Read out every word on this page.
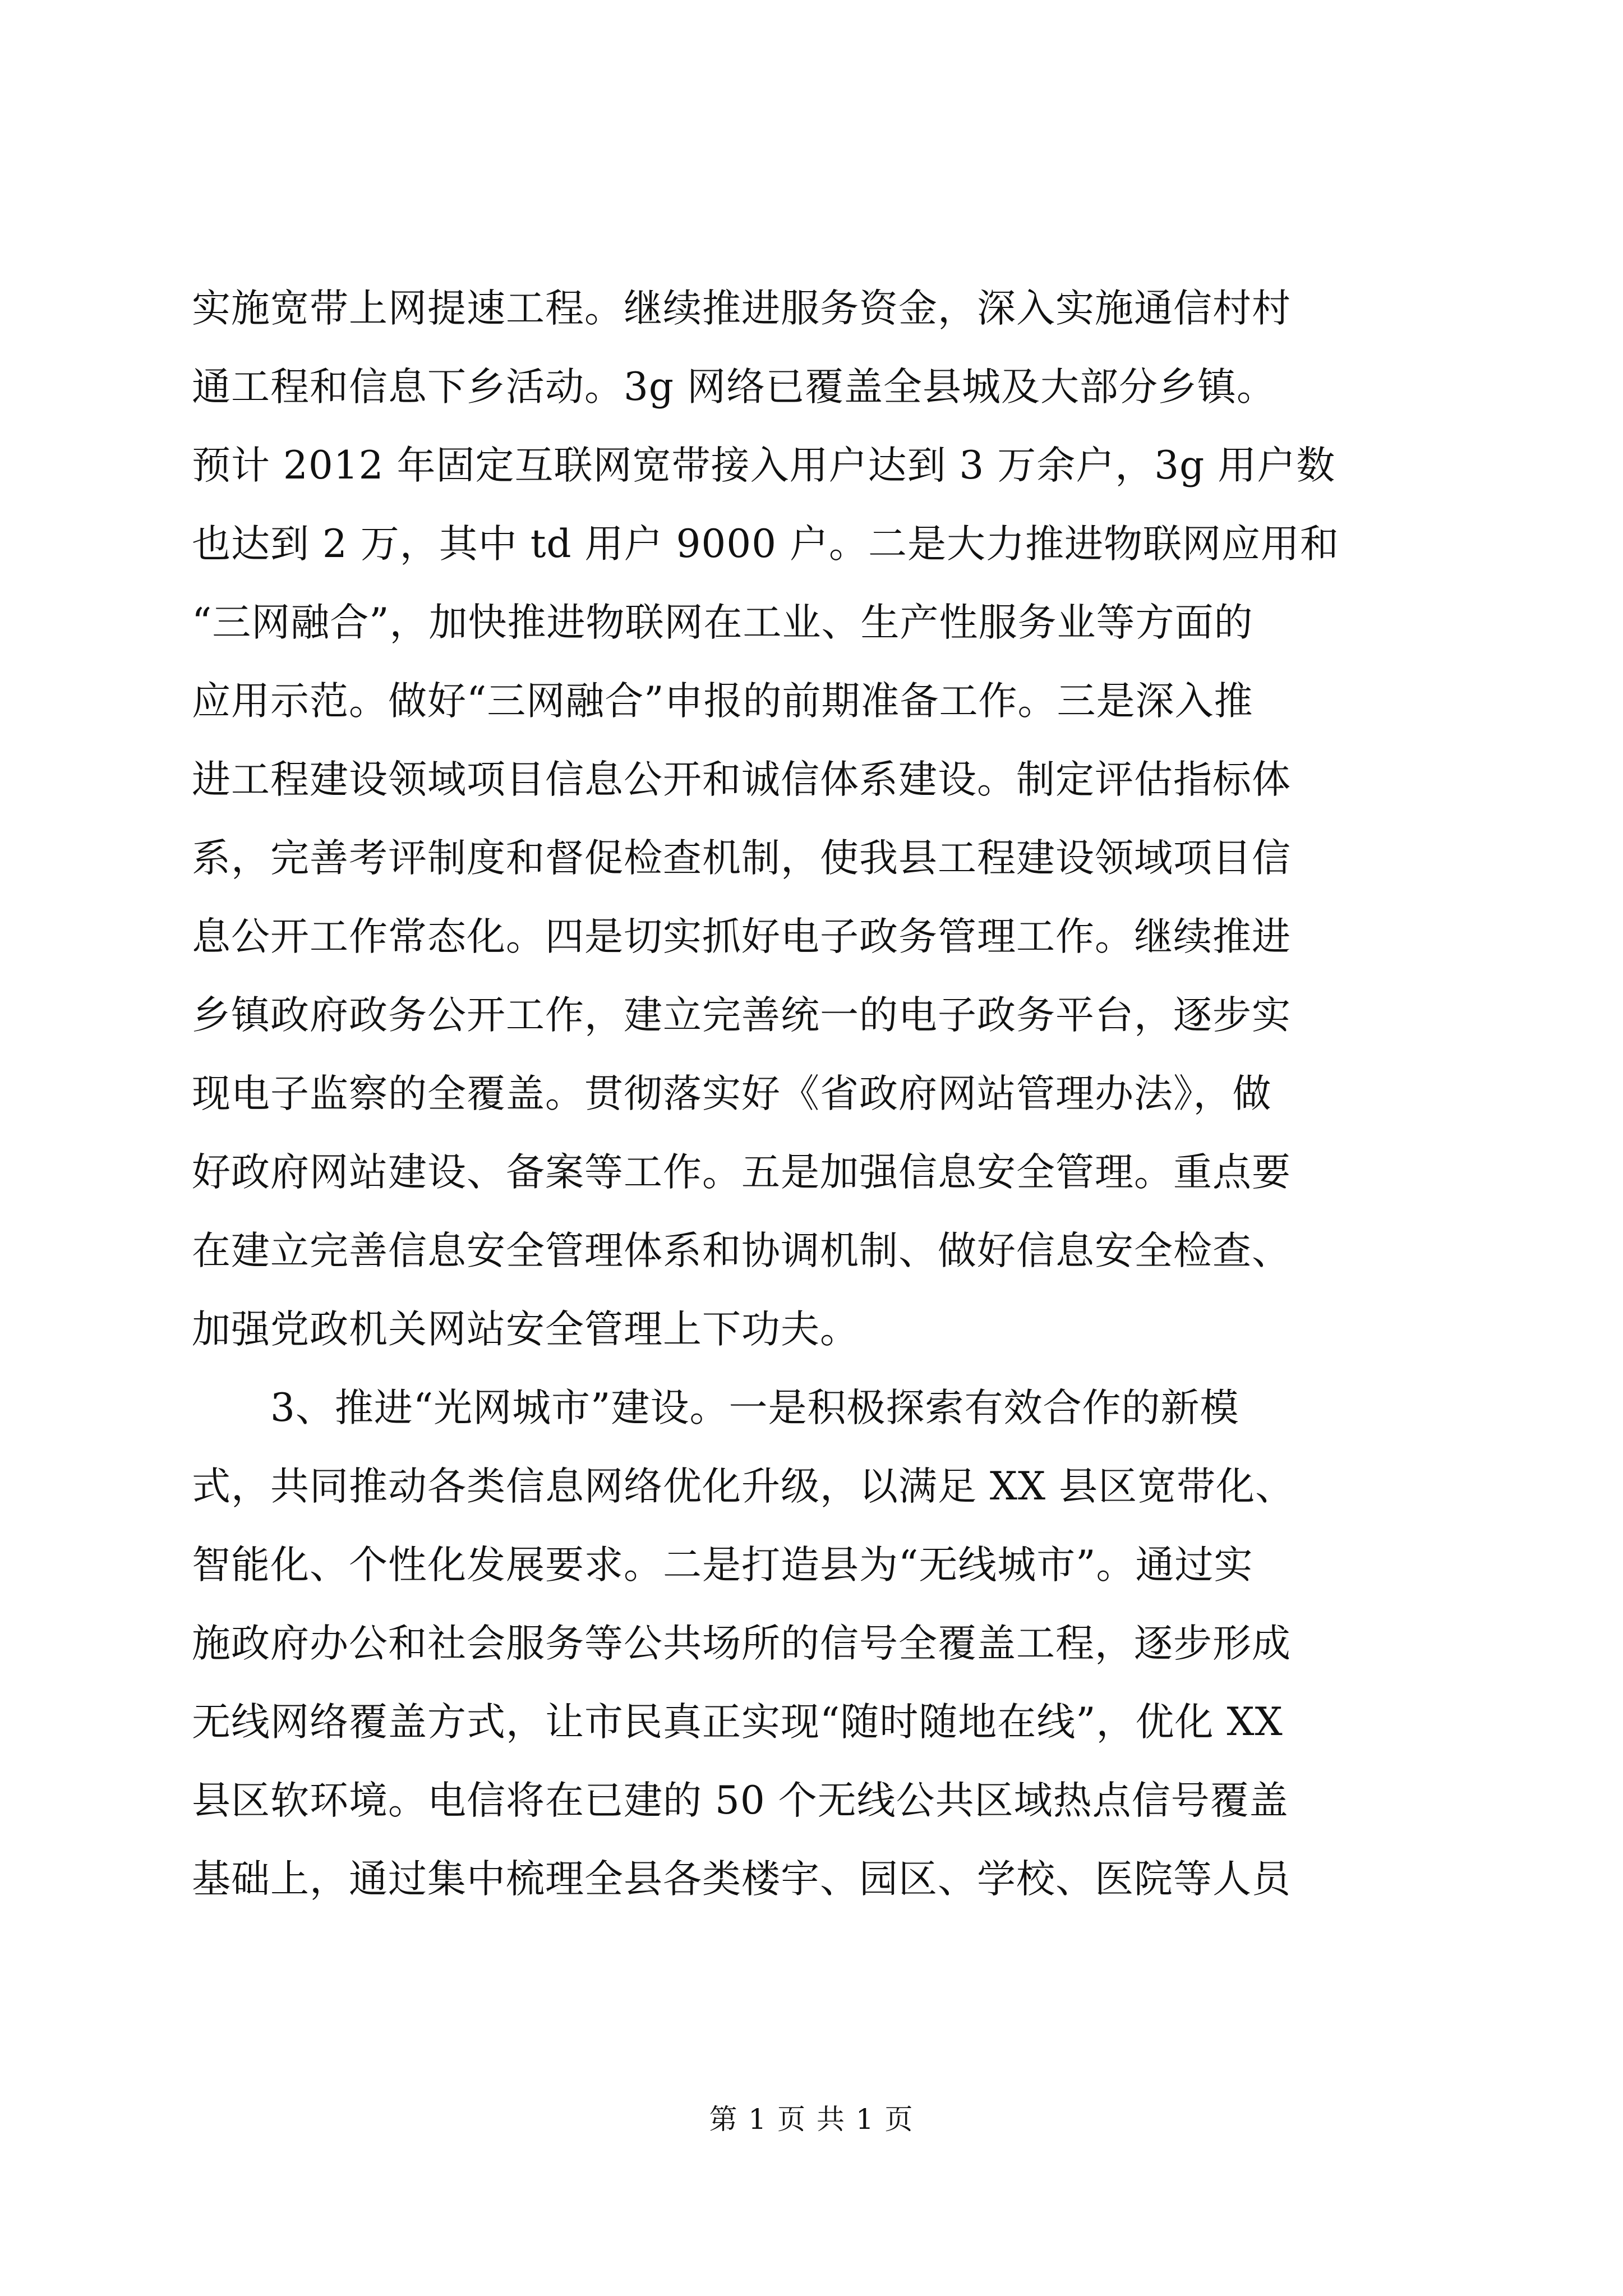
实施宽带上网提速工程。继续推进服务资金，深入实施通信村村
通工程和信息下乡活动。3g 网络已覆盖全县城及大部分乡镇。
预计 2012 年固定互联网宽带接入用户达到 3 万余户，3g 用户数
也达到 2 万，其中 td 用户 9000 户。二是大力推进物联网应用和
“三网融合”，加快推进物联网在工业、生产性服务业等方面的
应用示范。做好“三网融合”申报的前期准备工作。三是深入推
进工程建设领域项目信息公开和诚信体系建设。制定评估指标体
系，完善考评制度和督促检查机制，使我县工程建设领域项目信
息公开工作常态化。四是切实抓好电子政务管理工作。继续推进
乡镇政府政务公开工作，建立完善统一的电子政务平台，逐步实
现电子监察的全覆盖。贯彻落实好《省政府网站管理办法》，做
好政府网站建设、备案等工作。五是加强信息安全管理。重点要
在建立完善信息安全管理体系和协调机制、做好信息安全检查、
加强党政机关网站安全管理上下功夫。
3、推进“光网城市”建设。一是积极探索有效合作的新模
式，共同推动各类信息网络优化升级，以满足 XX 县区宽带化、
智能化、个性化发展要求。二是打造县为“无线城市”。通过实
施政府办公和社会服务等公共场所的信号全覆盖工程，逐步形成
无线网络覆盖方式，让市民真正实现“随时随地在线”，优化 XX
县区软环境。电信将在已建的 50 个无线公共区域热点信号覆盖
基础上，通过集中梳理全县各类楼宇、园区、学校、医院等人员
第 1 页 共 1 页
